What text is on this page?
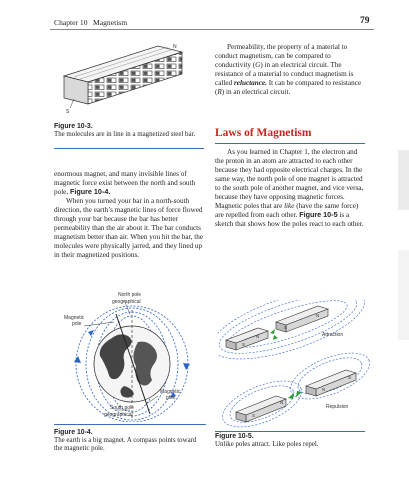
Chapter 10 Magnetism	79
N
S
Figure 10-3.
The molecules are in line in a magnetized steel bar.

enormous magnet, and many invisible lines of magnetic force exist between the north and south pole, Figure 10-4.

When you turned your bar in a north-south direction, the earth’s magnetic lines of force flowed through your bar because the bar has better permeability than the air about it. The bar conducts magnetism better than air. When you hit the bar, the molecules were physically jarred, and they lined up in their magnetized positions.

North pole
geographical
Magnetic
pole
Magnetic
pole
South pole
geographical
Figure 10-4.
The earth is a big magnet. A compass points toward the magnetic pole.

Permeability, the property of a material to conduct magnetism, can be compared to conductivity (G) in an electrical circuit. The resistance of a material to conduct magnetism is called reluctance. It can be compared to resistance (R) in an electrical circuit.

Laws of Magnetism

As you learned in Chapter 1, the electron and the proton in an atom are attracted to each other because they had opposite electrical charges. In the same way, the north pole of one magnet is attracted to the south pole of another magnet, and vice versa, because they have opposing magnetic forces. Magnetic poles that are like (have the same force) are repelled from each other. Figure 10-5 is a sketch that shows how the poles react to each other.

N
S
S
N
Attraction
S
N
N
S
Repulsion
Figure 10-5.
Unlike poles attract. Like poles repel.
